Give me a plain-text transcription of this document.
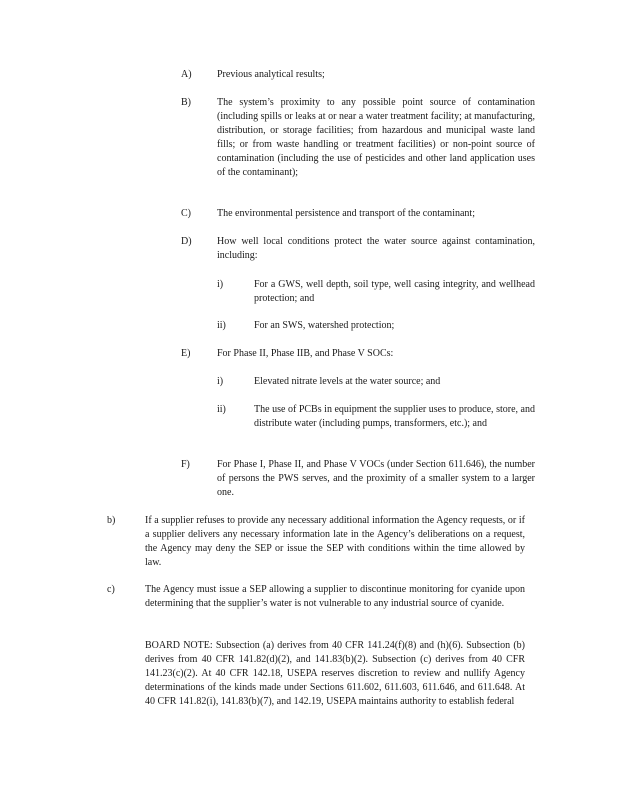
A)	Previous analytical results;
B)	The system’s proximity to any possible point source of contamination (including spills or leaks at or near a water treatment facility; at manufacturing, distribution, or storage facilities; from hazardous and municipal waste land fills; or from waste handling or treatment facilities) or non-point source of contamination (including the use of pesticides and other land application uses of the contaminant);
C)	The environmental persistence and transport of the contaminant;
D)	How well local conditions protect the water source against contamination, including:
i)	For a GWS, well depth, soil type, well casing integrity, and wellhead protection; and
ii)	For an SWS, watershed protection;
E)	For Phase II, Phase IIB, and Phase V SOCs:
i)	Elevated nitrate levels at the water source; and
ii)	The use of PCBs in equipment the supplier uses to produce, store, and distribute water (including pumps, transformers, etc.); and
F)	For Phase I, Phase II, and Phase V VOCs (under Section 611.646), the number of persons the PWS serves, and the proximity of a smaller system to a larger one.
b)	If a supplier refuses to provide any necessary additional information the Agency requests, or if a supplier delivers any necessary information late in the Agency’s deliberations on a request, the Agency may deny the SEP or issue the SEP with conditions within the time allowed by law.
c)	The Agency must issue a SEP allowing a supplier to discontinue monitoring for cyanide upon determining that the supplier’s water is not vulnerable to any industrial source of cyanide.
BOARD NOTE: Subsection (a) derives from 40 CFR 141.24(f)(8) and (h)(6). Subsection (b) derives from 40 CFR 141.82(d)(2), and 141.83(b)(2). Subsection (c) derives from 40 CFR 141.23(c)(2). At 40 CFR 142.18, USEPA reserves discretion to review and nullify Agency determinations of the kinds made under Sections 611.602, 611.603, 611.646, and 611.648. At 40 CFR 141.82(i), 141.83(b)(7), and 142.19, USEPA maintains authority to establish federal
